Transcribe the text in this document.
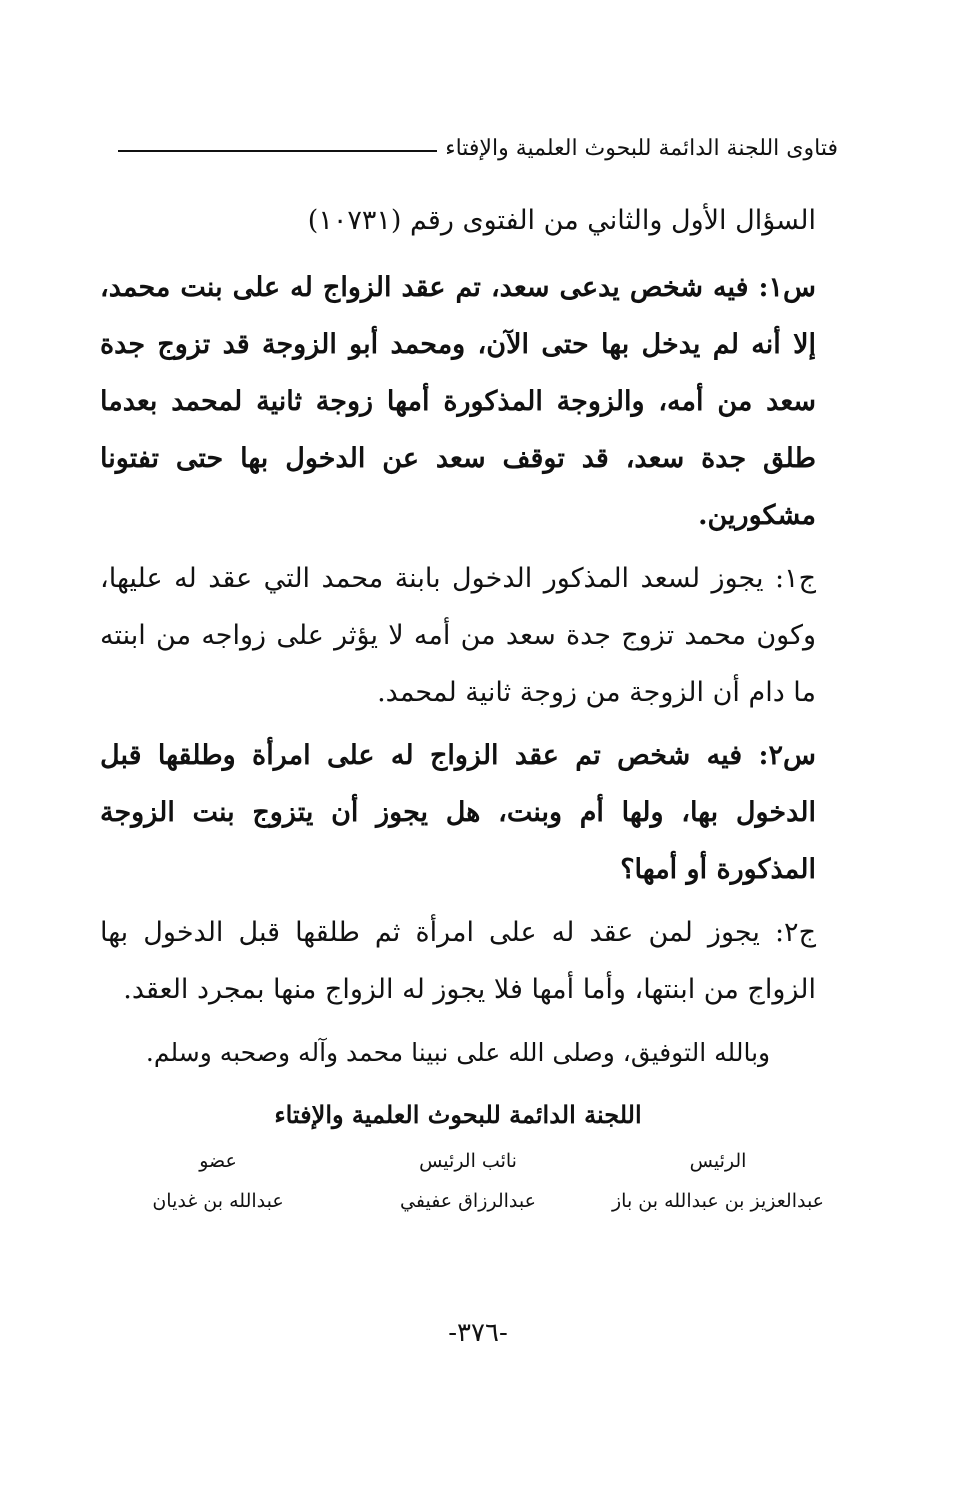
فتاوى اللجنة الدائمة للبحوث العلمية والإفتاء

السؤال الأول والثاني من الفتوى رقم (١٠٧٣١)

س١: فيه شخص يدعى سعد، تم عقد الزواج له على بنت محمد، إلا أنه لم يدخل بها حتى الآن، ومحمد أبو الزوجة قد تزوج جدة سعد من أمه، والزوجة المذكورة أمها زوجة ثانية لمحمد بعدما طلق جدة سعد، قد توقف سعد عن الدخول بها حتى تفتونا مشكورين.

ج١: يجوز لسعد المذكور الدخول بابنة محمد التي عقد له عليها، وكون محمد تزوج جدة سعد من أمه لا يؤثر على زواجه من ابنته ما دام أن الزوجة من زوجة ثانية لمحمد.

س٢: فيه شخص تم عقد الزواج له على امرأة وطلقها قبل الدخول بها، ولها أم وبنت، هل يجوز أن يتزوج بنت الزوجة المذكورة أو أمها؟

ج٢: يجوز لمن عقد له على امرأة ثم طلقها قبل الدخول بها الزواج من ابنتها، وأما أمها فلا يجوز له الزواج منها بمجرد العقد.

وبالله التوفيق، وصلى الله على نبينا محمد وآله وصحبه وسلم.

اللجنة الدائمة للبحوث العلمية والإفتاء
الرئيس
عبدالعزيز بن عبدالله بن باز
نائب الرئيس
عبدالرزاق عفيفي
عضو
عبدالله بن غديان
-٣٧٦-
